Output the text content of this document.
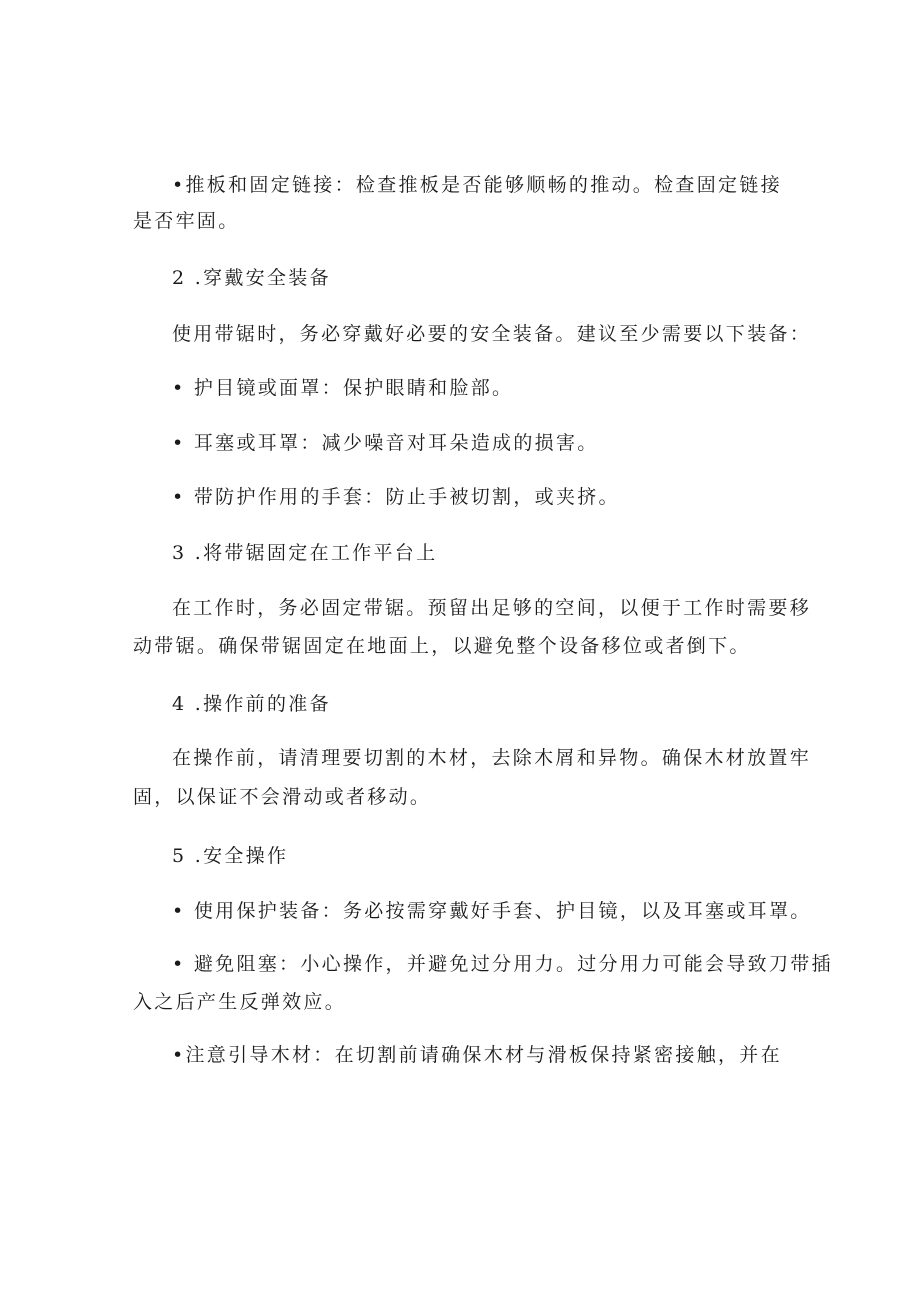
•推板和固定链接：检查推板是否能够顺畅的推动。检查固定链接
是否牢固。
2 .穿戴安全装备
使用带锯时，务必穿戴好必要的安全装备。建议至少需要以下装备：
• 护目镜或面罩：保护眼睛和脸部。
• 耳塞或耳罩：减少噪音对耳朵造成的损害。
• 带防护作用的手套：防止手被切割，或夹挤。
3 .将带锯固定在工作平台上
在工作时，务必固定带锯。预留出足够的空间，以便于工作时需要移
动带锯。确保带锯固定在地面上，以避免整个设备移位或者倒下。
4 .操作前的准备
在操作前，请清理要切割的木材，去除木屑和异物。确保木材放置牢
固，以保证不会滑动或者移动。
5 .安全操作
• 使用保护装备：务必按需穿戴好手套、护目镜，以及耳塞或耳罩。
• 避免阻塞：小心操作，并避免过分用力。过分用力可能会导致刀带插
入之后产生反弹效应。
•注意引导木材：在切割前请确保木材与滑板保持紧密接触，并在
